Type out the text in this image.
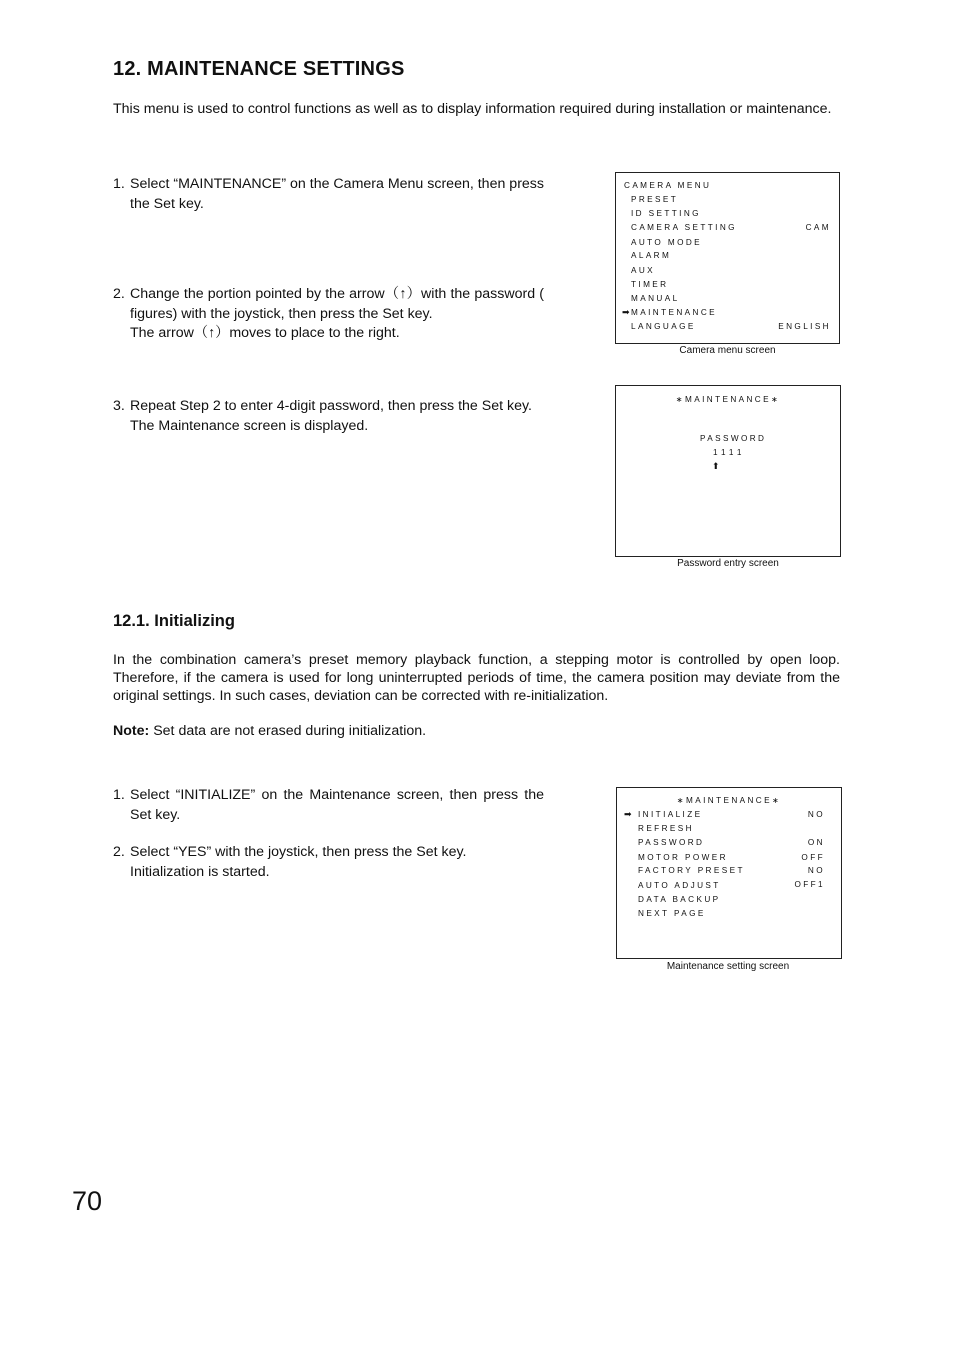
12. MAINTENANCE SETTINGS

This menu is used to control functions as well as to display information required during installation or maintenance.

1. Select “MAINTENANCE” on the Camera Menu screen, then press the Set key.
2. Change the portion pointed by the arrow（↑）with the password ( figures) with the joystick, then press the Set key.
The arrow（↑）moves to place to the right.
3. Repeat Step 2 to enter 4-digit password, then press the Set key.
The Maintenance screen is displayed.
CAMERA MENU
PRESET
ID SETTING
CAMERA SETTING	CAM
AUTO MODE
ALARM
AUX
TIMER
MANUAL
➡ MAINTENANCE
LANGUAGE	ENGLISH
Camera menu screen
∗MAINTENANCE∗
PASSWORD
1111
⬆
Password entry screen
12.1. Initializing

In the combination camera’s preset memory playback function, a stepping motor is controlled by open loop. Therefore, if the camera is used for long uninterrupted periods of time, the camera position may deviate from the original settings. In such cases, deviation can be corrected with re-initialization.

Note: Set data are not erased during initialization.

1. Select “INITIALIZE” on the Maintenance screen, then press the Set key.
2. Select “YES” with the joystick, then press the Set key.
Initialization is started.
∗MAINTENANCE∗
➡ INITIALIZE	NO
REFRESH
PASSWORD	ON
MOTOR POWER	OFF
FACTORY PRESET	NO
AUTO ADJUST	OFF1
DATA BACKUP
NEXT PAGE
Maintenance setting screen
70
